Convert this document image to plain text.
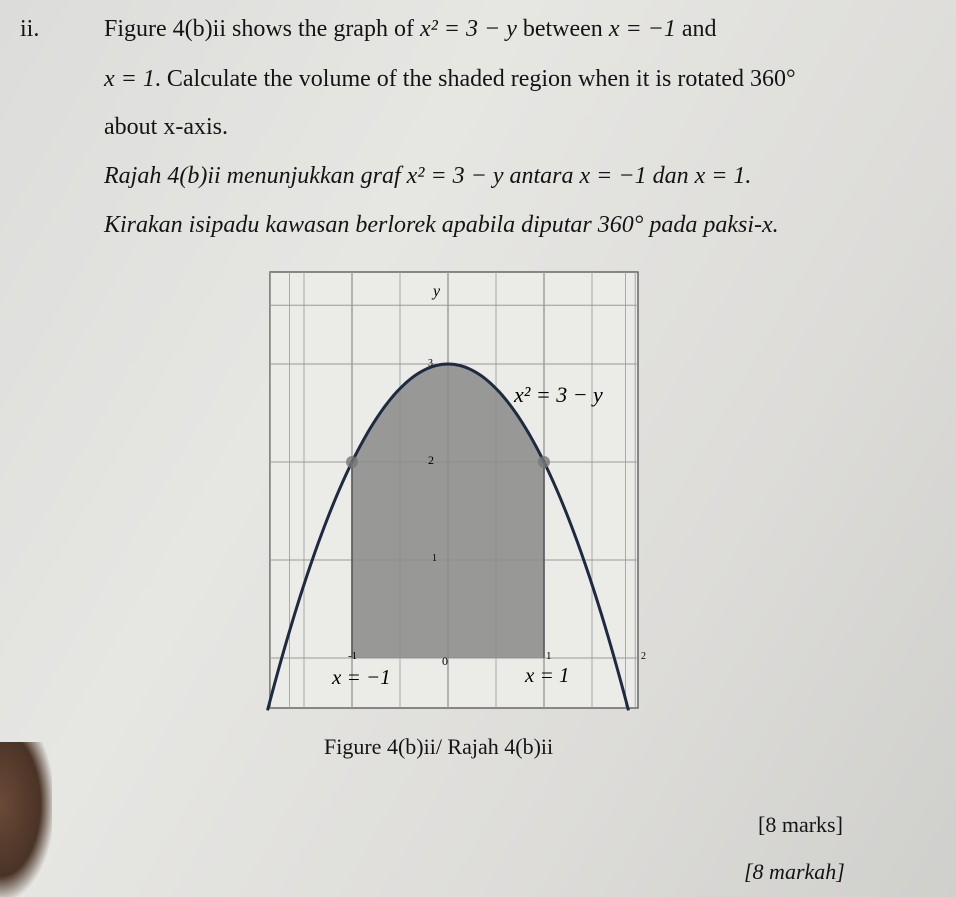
ii.	Figure 4(b)ii shows the graph of x² = 3 − y between x = −1 and
x = 1. Calculate the volume of the shaded region when it is rotated 360°
about x-axis.
Rajah 4(b)ii menunjukkan graf x² = 3 − y antara x = −1 dan x = 1.
Kirakan isipadu kawasan berlorek apabila diputar 360° pada paksi-x.
y
3
2
1
0
-1	1	2
x² = 3 − y
x = −1	x = 1
Figure 4(b)ii/ Rajah 4(b)ii
[8 marks]
[8 markah]
